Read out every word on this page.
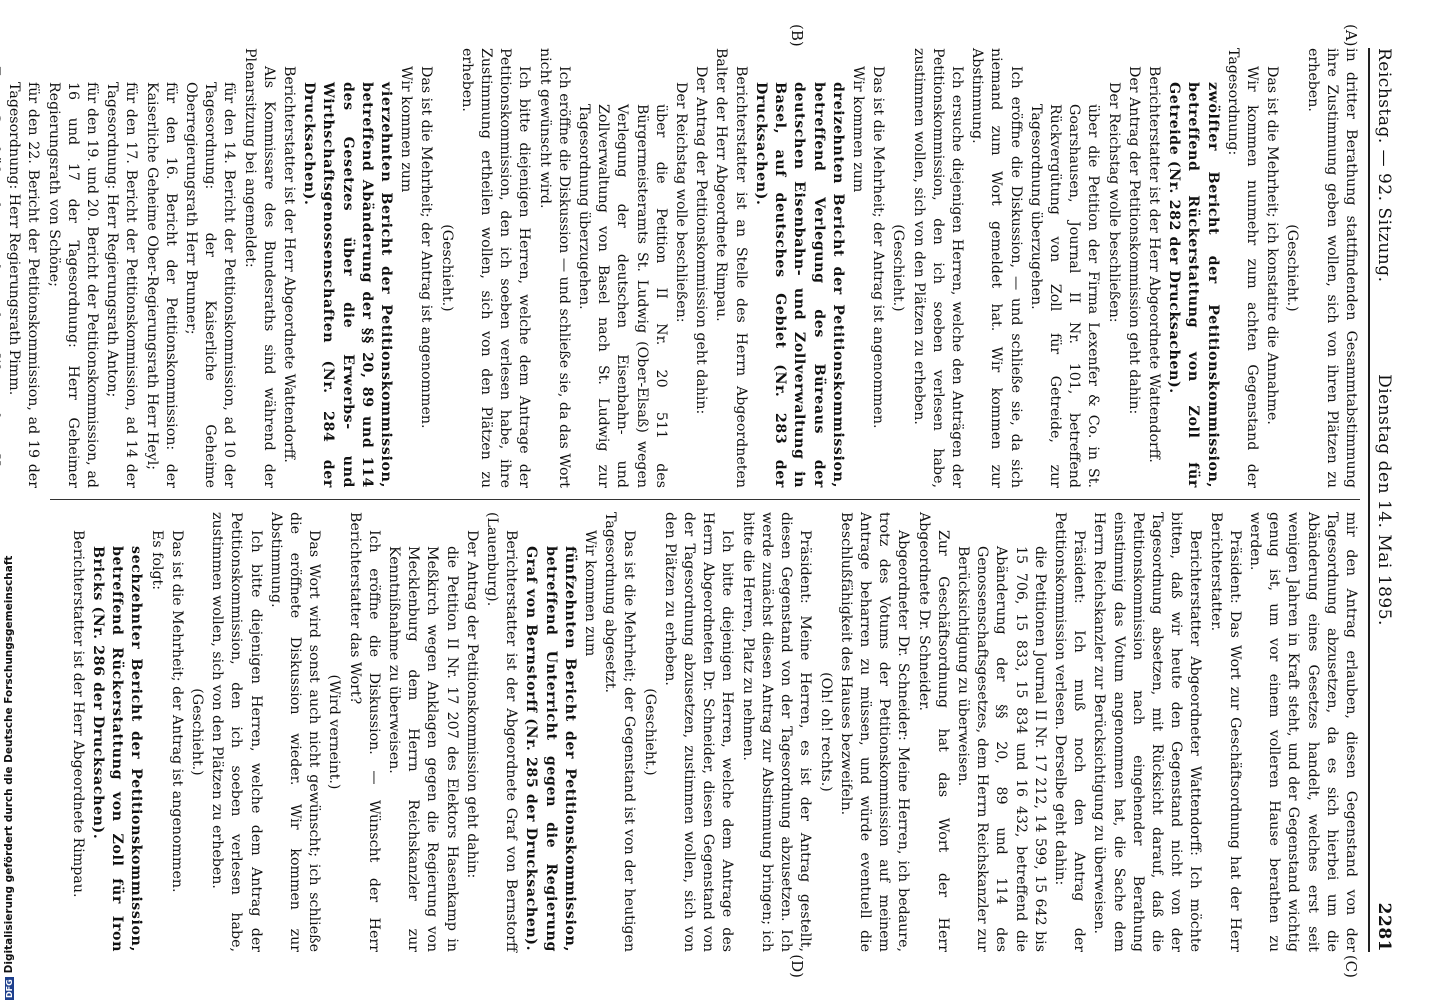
Reichstag. — 92. Sitzung.
Dienstag den 14. Mai 1895.
2281
(A)
(B)
(C)
(D)

in dritter Berathung stattfindenden Gesammtabstimmung ihre Zustimmung geben wollen, sich von ihren Plätzen zu erheben.

(Geschieht.)

Das ist die Mehrheit; ich konstatire die Annahme.

Wir kommen nunmehr zum achten Gegenstand der Tagesordnung:

zwölfter Bericht der Petitionskommission, betreffend Rückerstattung von Zoll für Getreide (Nr. 282 der Drucksachen).

Berichterstatter ist der Herr Abgeordnete Wattendorff.

Der Antrag der Petitionskommission geht dahin:

Der Reichstag wolle beschließen:

über die Petition der Firma Lexenfer & Co. in St. Goarshausen, Journal II Nr. 101, betreffend Rückvergütung von Zoll für Getreide, zur Tagesordnung überzugehen.

Ich eröffne die Diskussion, — und schließe sie, da sich niemand zum Wort gemeldet hat. Wir kommen zur Abstimmung.

Ich ersuche diejenigen Herren, welche den Anträgen der Petitionskommission, den ich soeben verlesen habe, zustimmen wollen, sich von den Plätzen zu erheben.

(Geschieht.)

Das ist die Mehrheit; der Antrag ist angenommen.

Wir kommen zum

dreizehnten Bericht der Petitionskommission, betreffend Verlegung des Büreaus der deutschen Eisenbahn- und Zollverwaltung in Basel, auf deutsches Gebiet (Nr. 283 der Drucksachen).

Berichterstatter ist an Stelle des Herrn Abgeordneten Balter der Herr Abgeordnete Rimpau.

Der Antrag der Petitionskommission geht dahin:

Der Reichstag wolle beschließen:

über die Petition II Nr. 20 511 des Bürgermeisteramts St. Ludwig (Ober-Elsaß) wegen Verlegung der deutschen Eisenbahn- und Zollverwaltung von Basel nach St. Ludwig zur Tagesordnung überzugehen.

Ich eröffne die Diskussion — und schließe sie, da das Wort nicht gewünscht wird.

Ich bitte diejenigen Herren, welche dem Antrage der Petitionskommission, den ich soeben verlesen habe, ihre Zustimmung ertheilen wollen, sich von den Plätzen zu erheben.

(Geschieht.)

Das ist die Mehrheit; der Antrag ist angenommen.

Wir kommen zum

vierzehnten Bericht der Petitionskommission, betreffend Abänderung der §§ 20, 89 und 114 des Gesetzes über die Erwerbs- und Wirthschaftsgenossenschaften (Nr. 284 der Drucksachen).

Berichterstatter ist der Herr Abgeordnete Wattendorff.

Als Kommissare des Bundesraths sind während der Plenarsitzung bei angemeldet:

für den 14. Bericht der Petitionskommission, ad 10 der Tagesordnung: der Kaiserliche Geheime Oberregierungsrath Herr Brunner;

für den 16. Bericht der Petitionskommission: der Kaiserliche Geheime Ober-Regierungsrath Herr Heyl;

für den 17. Bericht der Petitionskommission, ad 14 der Tagesordnung: Herr Regierungsrath Anton;

für den 19. und 20. Bericht der Petitionskommission, ad 16 und 17 der Tagesordnung: Herr Geheimer Regierungsrath von Schöne;

für den 22. Bericht der Petitionskommission, ad 19 der Tagesordnung: Herr Regierungsrath Pimm.

mir den Antrag erlauben, diesen Gegenstand von der Tagesordnung abzusetzen, da es sich hierbei um die Abänderung eines Gesetzes handelt, welches erst seit wenigen Jahren in Kraft steht, und der Gegenstand wichtig genug ist, um vor einem volleren Hause berathen zu werden.

Präsident: Das Wort zur Geschäftsordnung hat der Herr Berichterstatter.

Berichterstatter Abgeordneter Wattendorff: Ich möchte bitten, daß wir heute den Gegenstand nicht von der Tagesordnung absetzen, mit Rücksicht darauf, daß die Petitionskommission nach eingehender Berathung einstimmig das Votum angenommen hat, die Sache dem Herrn Reichskanzler zur Berücksichtigung zu überweisen.

Präsident: Ich muß noch den Antrag der Petitionskommission verlesen. Derselbe geht dahin:

die Petitionen Journal II Nr. 17 212, 14 599, 15 642 bis 15 706, 15 833, 15 834 und 16 432, betreffend die Abänderung der §§ 20, 89 und 114 des Genossenschaftsgesetzes, dem Herrn Reichskanzler zur Berücksichtigung zu überweisen.

Zur Geschäftsordnung hat das Wort der Herr Abgeordnete Dr. Schneider.

Abgeordneter Dr. Schneider: Meine Herren, ich bedaure, trotz des Votums der Petitionskommission auf meinem Antrage beharren zu müssen, und würde eventuell die Beschlußfähigkeit des Hauses bezweifeln.

(Oh! oh! rechts.)

Präsident: Meine Herren, es ist der Antrag gestellt, diesen Gegenstand von der Tagesordnung abzusetzen. Ich werde zunächst diesen Antrag zur Abstimmung bringen; ich bitte die Herren, Platz zu nehmen.

Ich bitte diejenigen Herren, welche dem Antrage des Herrn Abgeordneten Dr. Schneider, diesen Gegenstand von der Tagesordnung abzusetzen, zustimmen wollen, sich von den Plätzen zu erheben.

(Geschieht.)

Das ist die Mehrheit; der Gegenstand ist von der heutigen Tagesordnung abgesetzt.

Wir kommen zum

fünfzehnten Bericht der Petitionskommission, betreffend Unterricht gegen die Regierung Graf von Bernstorff (Nr. 285 der Drucksachen).

Berichterstatter ist der Abgeordnete Graf von Bernstorff (Lauenburg).

Der Antrag der Petitionskommission geht dahin:

die Petition II Nr. 17 207 des Elektors Hasenkamp in Meßkirch wegen Anklagen gegen die Regierung von Mecklenburg dem Herrn Reichskanzler zur Kenntnißnahme zu überweisen.

Ich eröffne die Diskussion. — Wünscht der Herr Berichterstatter das Wort?

(Wird verneint.)

Das Wort wird sonst auch nicht gewünscht; ich schließe die eröffnete Diskussion wieder. Wir kommen zur Abstimmung.

Ich bitte diejenigen Herren, welche dem Antrag der Petitionskommission, den ich soeben verlesen habe, zustimmen wollen, sich von den Plätzen zu erheben.

(Geschieht.)

Das ist die Mehrheit; der Antrag ist angenommen.

Es folgt:

sechzehnter Bericht der Petitionskommission, betreffend Rückerstattung von Zoll für Iron Bricks (Nr. 286 der Drucksachen).

Berichterstatter ist der Herr Abgeordnete Rimpau.

DFGDigitalisierung gefördert durch die Deutsche Forschungsgemeinschaft
